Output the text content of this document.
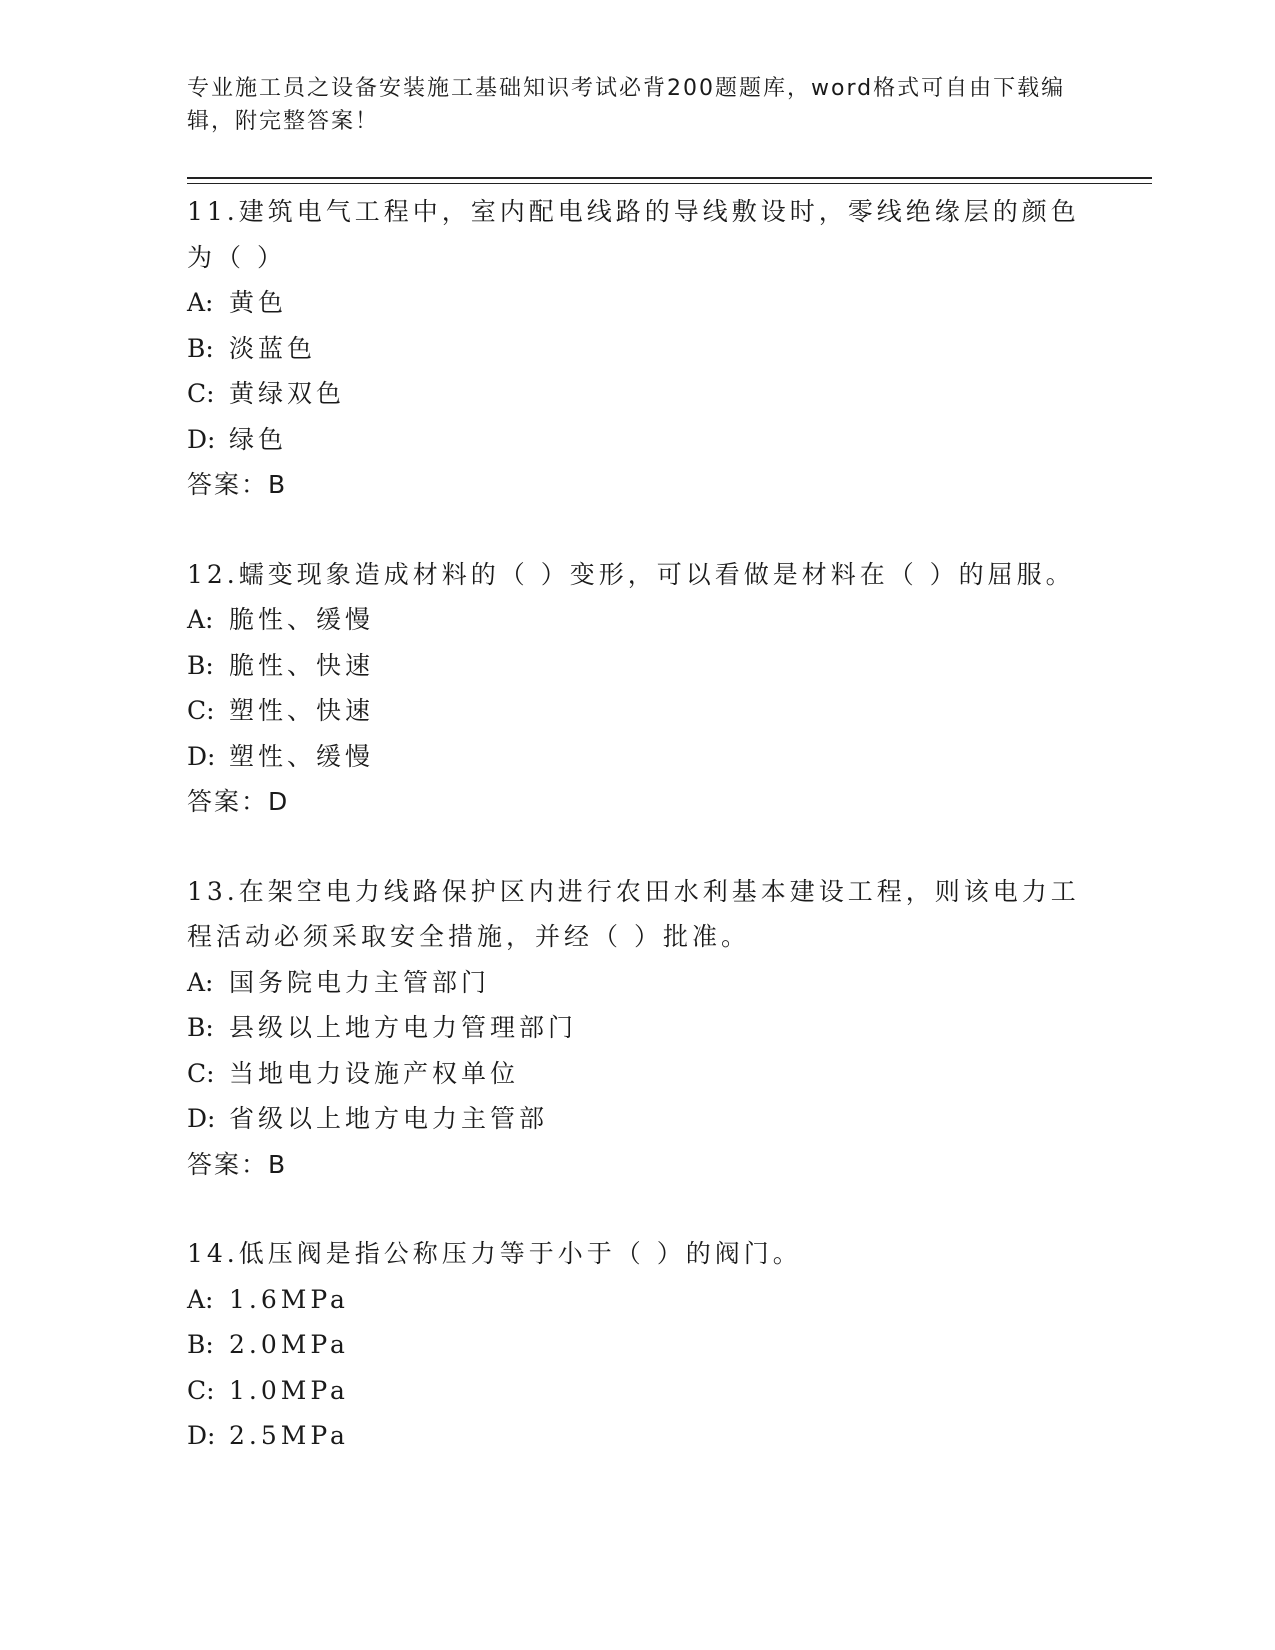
专业施工员之设备安装施工基础知识考试必背200题题库，word格式可自由下载编辑，附完整答案！
11.建筑电气工程中，室内配电线路的导线敷设时，零线绝缘层的颜色为（ ）
A: 黄色
B: 淡蓝色
C: 黄绿双色
D: 绿色
答案：B
12.蠕变现象造成材料的（ ）变形，可以看做是材料在（ ）的屈服。
A: 脆性、缓慢
B: 脆性、快速
C: 塑性、快速
D: 塑性、缓慢
答案：D
13.在架空电力线路保护区内进行农田水利基本建设工程，则该电力工程活动必须采取安全措施，并经（ ）批准。
A: 国务院电力主管部门
B: 县级以上地方电力管理部门
C: 当地电力设施产权单位
D: 省级以上地方电力主管部
答案：B
14.低压阀是指公称压力等于小于（ ）的阀门。
A: 1.6MPa
B: 2.0MPa
C: 1.0MPa
D: 2.5MPa
